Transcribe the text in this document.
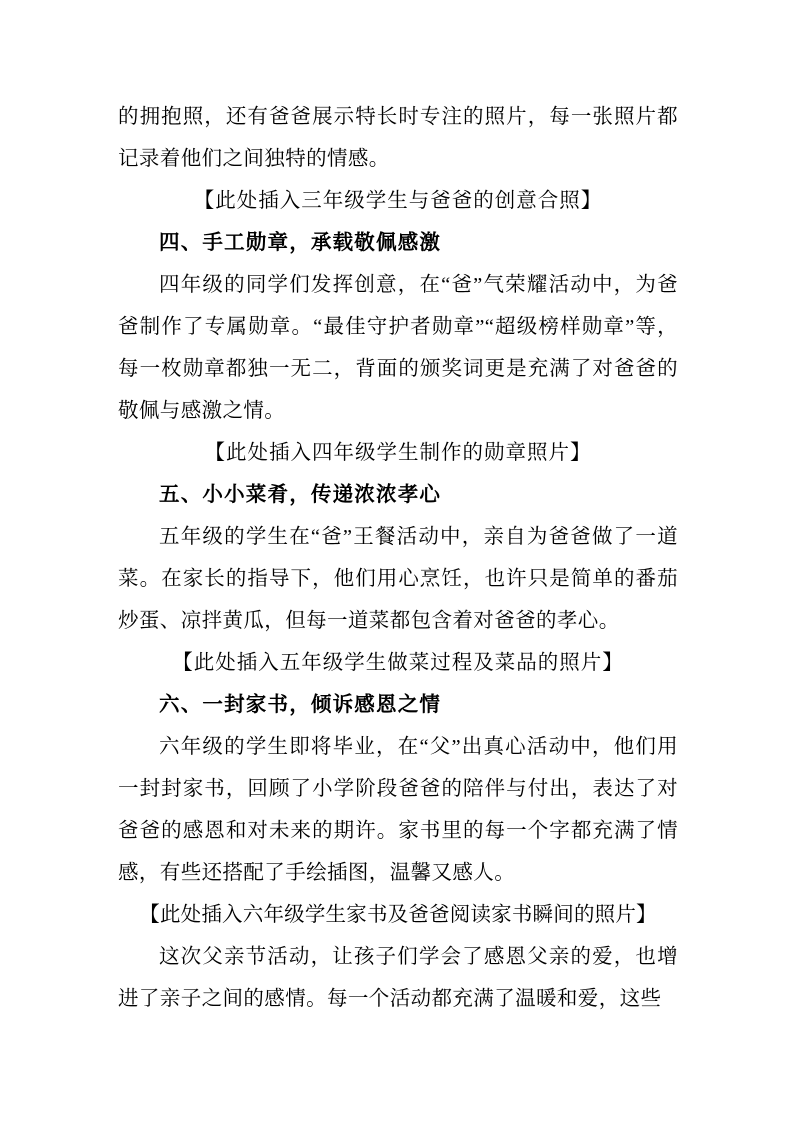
的拥抱照，还有爸爸展示特长时专注的照片，每一张照片都记录着他们之间独特的情感。

【此处插入三年级学生与爸爸的创意合照】

四、手工勋章，承载敬佩感激

四年级的同学们发挥创意，在“爸”气荣耀活动中，为爸爸制作了专属勋章。“最佳守护者勋章”“超级榜样勋章”等，每一枚勋章都独一无二，背面的颁奖词更是充满了对爸爸的敬佩与感激之情。

【此处插入四年级学生制作的勋章照片】

五、小小菜肴，传递浓浓孝心

五年级的学生在“爸”王餐活动中，亲自为爸爸做了一道菜。在家长的指导下，他们用心烹饪，也许只是简单的番茄炒蛋、凉拌黄瓜，但每一道菜都包含着对爸爸的孝心。

【此处插入五年级学生做菜过程及菜品的照片】

六、一封家书，倾诉感恩之情

六年级的学生即将毕业，在“父”出真心活动中，他们用一封封家书，回顾了小学阶段爸爸的陪伴与付出，表达了对爸爸的感恩和对未来的期许。家书里的每一个字都充满了情感，有些还搭配了手绘插图，温馨又感人。

【此处插入六年级学生家书及爸爸阅读家书瞬间的照片】

这次父亲节活动，让孩子们学会了感恩父亲的爱，也增进了亲子之间的感情。每一个活动都充满了温暖和爱，这些
